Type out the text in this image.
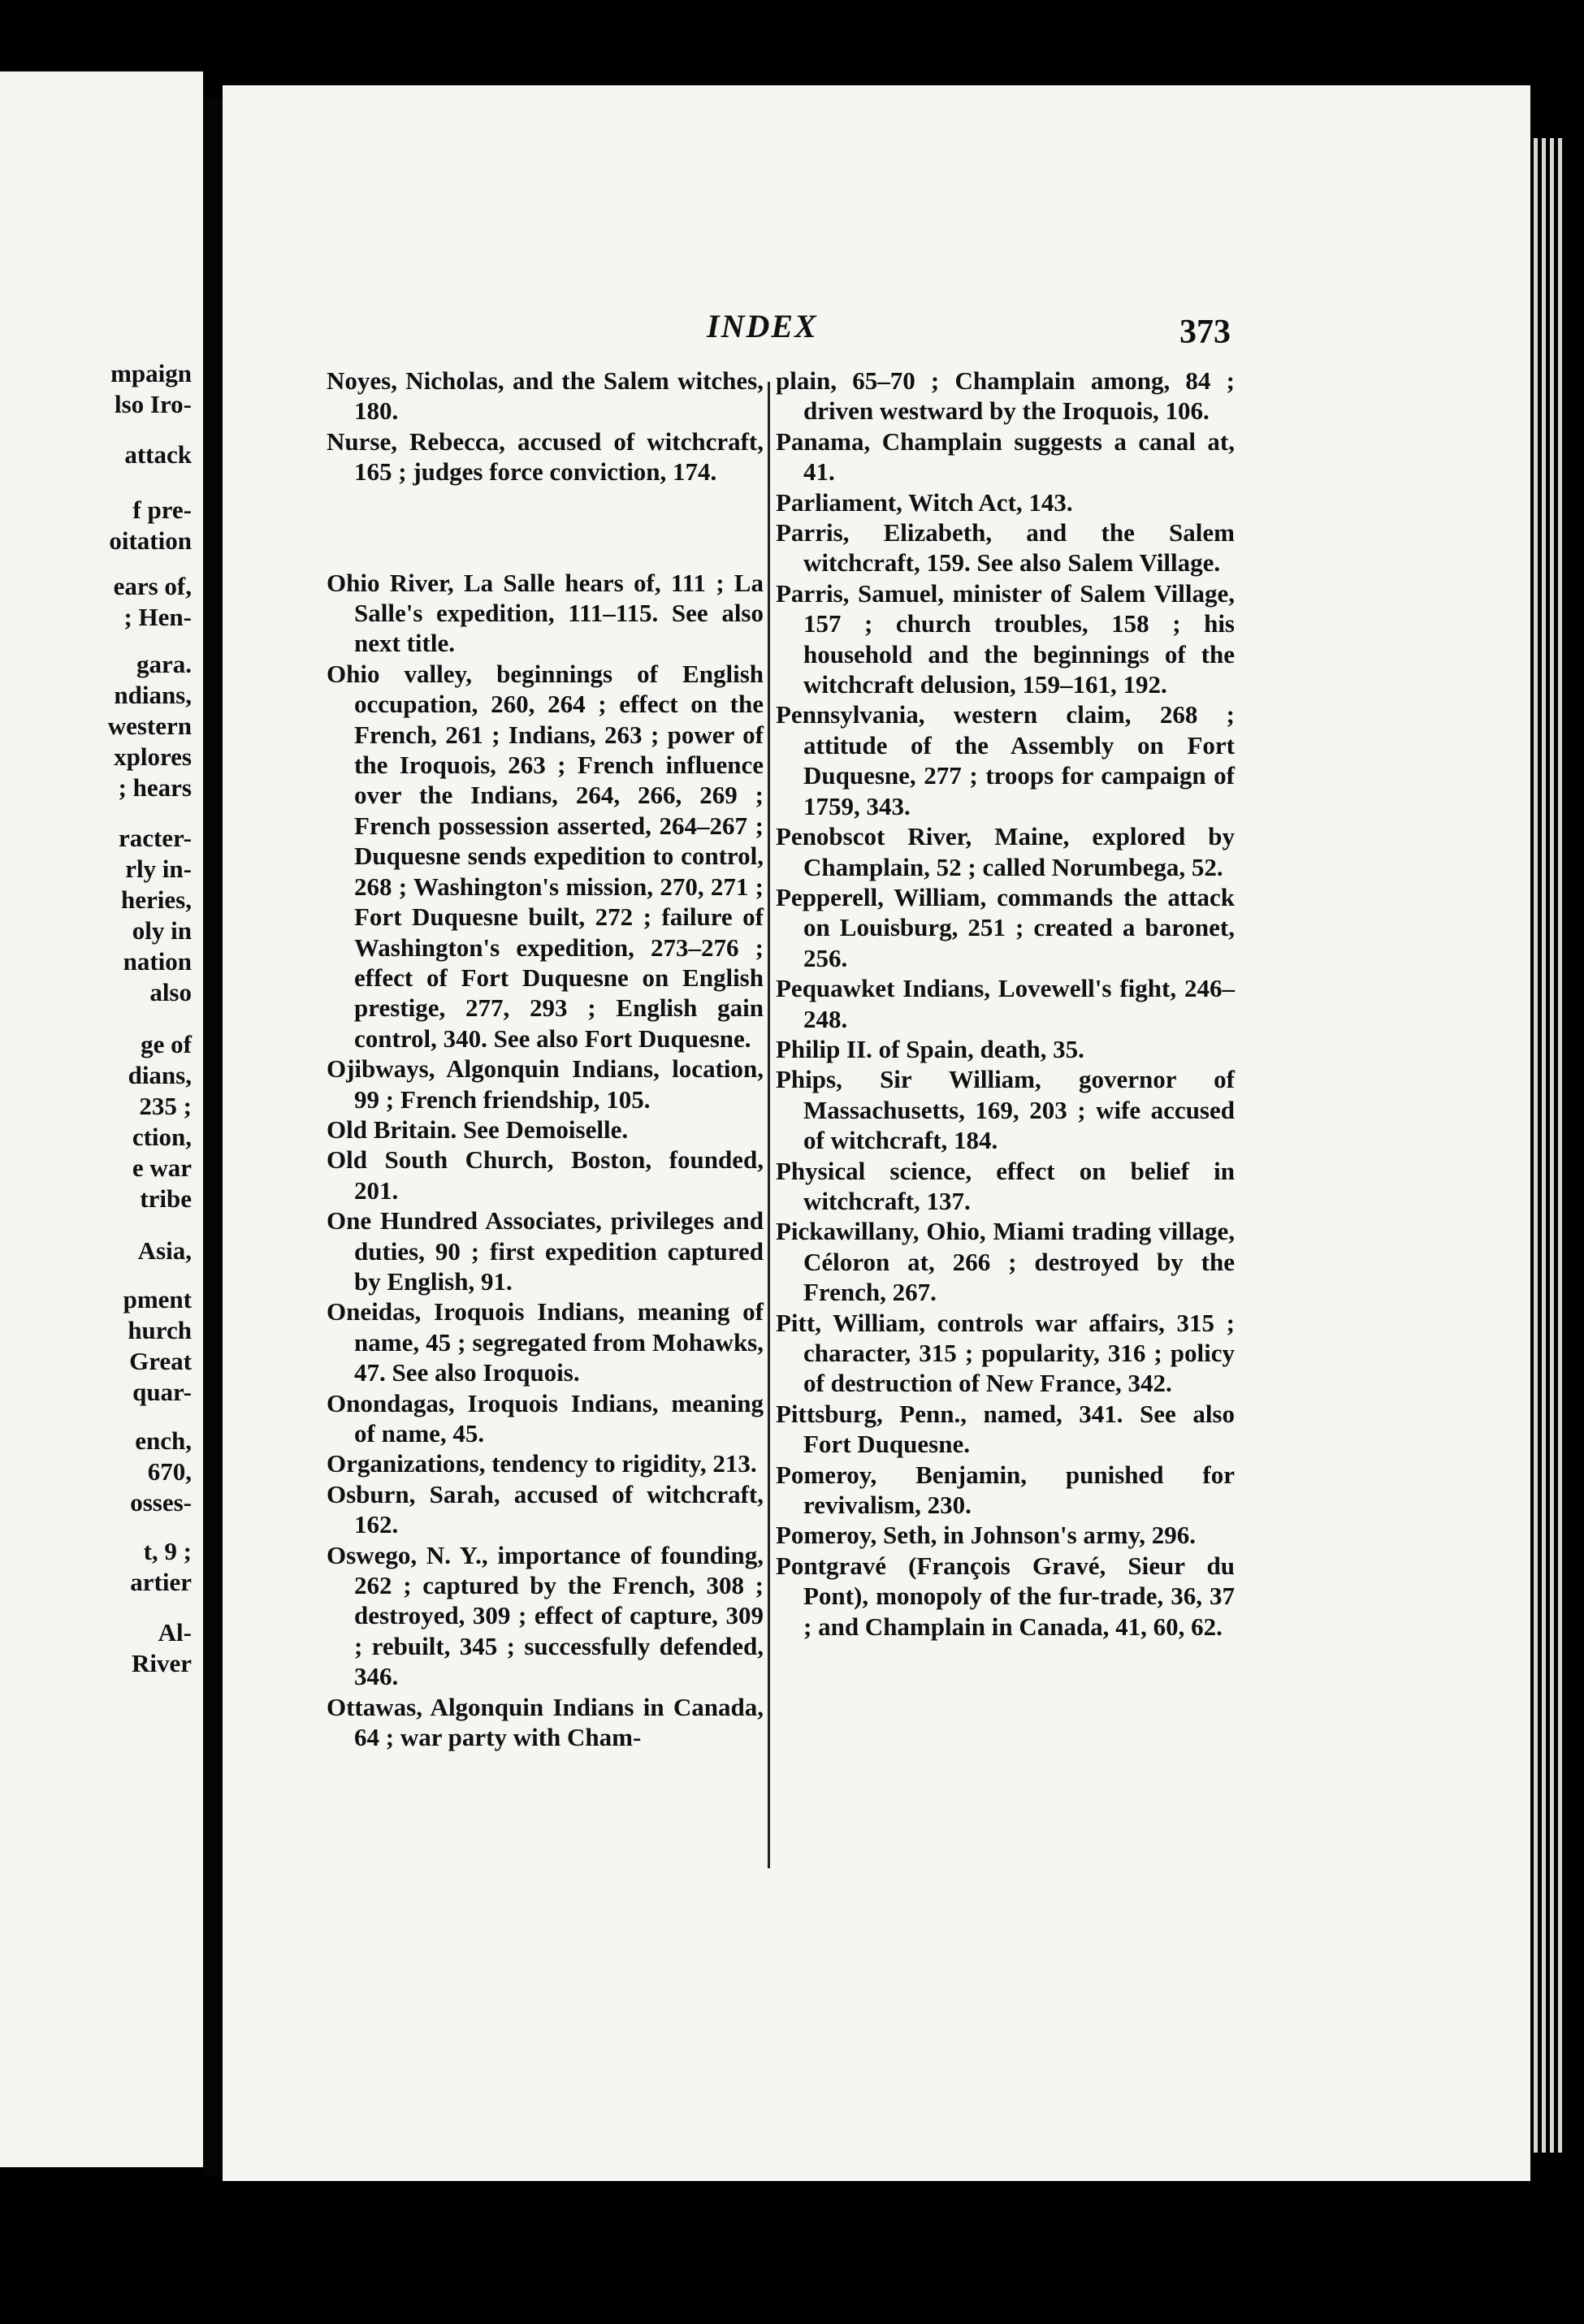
mpaign
lso Iro-
attack
f pre-
oitation
ears of,
; Hen-
gara.
ndians,
western
xplores
; hears
racter-
rly in-
heries,
oly in
nation
also
ge of
dians,
235 ;
ction,
e war
tribe
Asia,
pment
hurch
Great
quar-
ench,
670,
osses-
t, 9 ;
artier
Al-
River
INDEX	373

Noyes, Nicholas, and the Salem witches, 180.

Nurse, Rebecca, accused of witchcraft, 165 ; judges force conviction, 174.

Ohio River, La Salle hears of, 111 ; La Salle's expedition, 111–115. See also next title.

Ohio valley, beginnings of English occupation, 260, 264 ; effect on the French, 261 ; Indians, 263 ; power of the Iroquois, 263 ; French influence over the Indians, 264, 266, 269 ; French possession asserted, 264–267 ; Duquesne sends expedition to control, 268 ; Washington's mission, 270, 271 ; Fort Duquesne built, 272 ; failure of Washington's expedition, 273–276 ; effect of Fort Duquesne on English prestige, 277, 293 ; English gain control, 340. See also Fort Duquesne.

Ojibways, Algonquin Indians, location, 99 ; French friendship, 105.

Old Britain. See Demoiselle.

Old South Church, Boston, founded, 201.

One Hundred Associates, privileges and duties, 90 ; first expedition captured by English, 91.

Oneidas, Iroquois Indians, meaning of name, 45 ; segregated from Mohawks, 47. See also Iroquois.

Onondagas, Iroquois Indians, meaning of name, 45.

Organizations, tendency to rigidity, 213.

Osburn, Sarah, accused of witchcraft, 162.

Oswego, N. Y., importance of founding, 262 ; captured by the French, 308 ; destroyed, 309 ; effect of capture, 309 ; rebuilt, 345 ; successfully defended, 346.

Ottawas, Algonquin Indians in Canada, 64 ; war party with Cham-

plain, 65–70 ; Champlain among, 84 ; driven westward by the Iroquois, 106.

Panama, Champlain suggests a canal at, 41.

Parliament, Witch Act, 143.

Parris, Elizabeth, and the Salem witchcraft, 159. See also Salem Village.

Parris, Samuel, minister of Salem Village, 157 ; church troubles, 158 ; his household and the beginnings of the witchcraft delusion, 159–161, 192.

Pennsylvania, western claim, 268 ; attitude of the Assembly on Fort Duquesne, 277 ; troops for campaign of 1759, 343.

Penobscot River, Maine, explored by Champlain, 52 ; called Norumbega, 52.

Pepperell, William, commands the attack on Louisburg, 251 ; created a baronet, 256.

Pequawket Indians, Lovewell's fight, 246–248.

Philip II. of Spain, death, 35.

Phips, Sir William, governor of Massachusetts, 169, 203 ; wife accused of witchcraft, 184.

Physical science, effect on belief in witchcraft, 137.

Pickawillany, Ohio, Miami trading village, Céloron at, 266 ; destroyed by the French, 267.

Pitt, William, controls war affairs, 315 ; character, 315 ; popularity, 316 ; policy of destruction of New France, 342.

Pittsburg, Penn., named, 341. See also Fort Duquesne.

Pomeroy, Benjamin, punished for revivalism, 230.

Pomeroy, Seth, in Johnson's army, 296.

Pontgravé (François Gravé, Sieur du Pont), monopoly of the fur-trade, 36, 37 ; and Champlain in Canada, 41, 60, 62.
